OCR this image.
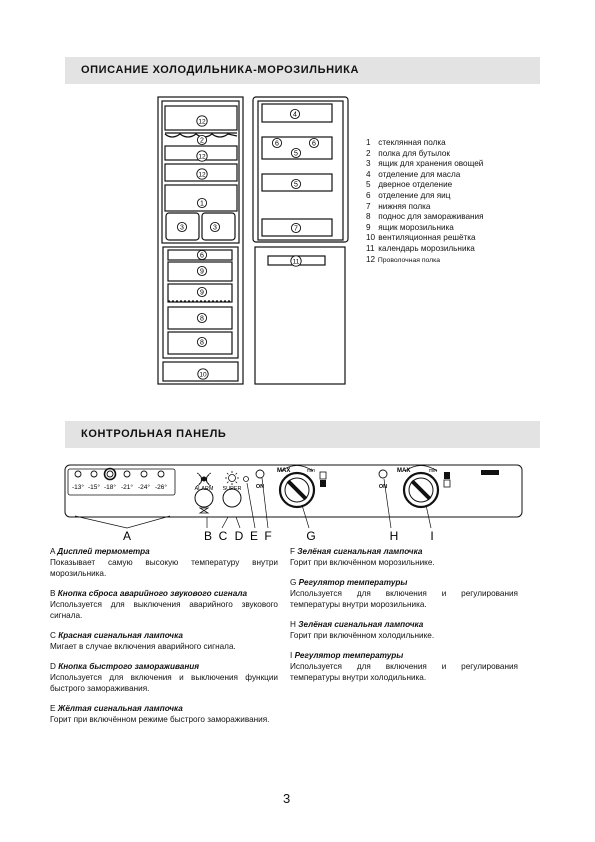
ОПИСАНИЕ ХОЛОДИЛЬНИКА-МОРОЗИЛЬНИКА
КОНТРОЛЬНАЯ ПАНЕЛЬ
12
2
12
12
1
3	3
6
9
9
8
8
10
4
6	6
5
5
7
11
1 стеклянная полка
2 полка для бутылок
3 ящик для хранения овощей
4 отделение для масла
5 дверное отделение
6 отделение для яиц
7 нижняя полка
8 поднос для замораживания
9 ящик морозильника
10 вентиляционная решётка
11 календарь морозильника
12 Проволочная полка
-13° -15° -18° -21° -24° -26°	ALARM SUPER	ON
MAX	min
ON
MAX	min
A	B C D E F	G	H	I

A Дисплей термометра
Показывает самую высокую температуру внутри морозильника.

B Кнопка сброса аварийного звукового сигнала
Используется для выключения аварийного звукового сигнала.

C Красная сигнальная лампочка
Мигает в случае включения аварийного сигнала.

D Кнопка быстрого замораживания
Используется для включения и выключения функции быстрого замораживания.

E Жёлтая сигнальная лампочка
Горит при включённом режиме быстрого замораживания.

F Зелёная сигнальная лампочка
Горит при включённом морозильнике.

G Регулятор температуры
Используется для включения и регулирования температуры внутри морозильника.

H Зелёная сигнальная лампочка
Горит при включённом холодильнике.

I Регулятор температуры
Используется для включения и регулирования температуры внутри холодильника.

3
